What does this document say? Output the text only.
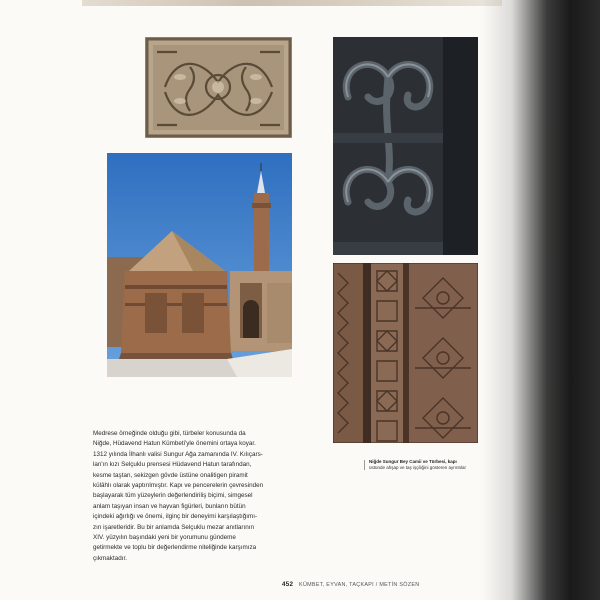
Niğde Sungur Bey Camii ve Türbesi, kapı
üstünde ahşap ve taş işçiliğini gösteren ayrıntılar
Medrese örneğinde olduğu gibi, türbeler konusunda da
Niğde, Hüdavend Hatun Kümbeti'yle önemini ortaya koyar.
1312 yılında İlhanlı valisi Sungur Ağa zamanında IV. Kılıçars-
lan'ın kızı Selçuklu prensesi Hüdavend Hatun tarafından,
kesme taştan, sekizgen gövde üstüne onalitigen piramit
külâhlı olarak yaptırılmıştır. Kapı ve pencerelerin çevresinden
başlayarak tüm yüzeylerin değerlendiriliş biçimi, simgesel
anlam taşıyan insan ve hayvan figürleri, bunların bütün
içindeki ağırlığı ve önemi, ilginç bir deneyimi karşılaştığımı-
zın işaretleridir. Bu bir anlamda Selçuklu mezar anıtlarının
XIV. yüzyılın başındaki yeni bir yorumunu gündeme
getirmekte ve toplu bir değerlendirme niteliğinde karşımıza
çıkmaktadır.
452 KÜMBET, EYVAN, TAÇKAPI / METİN SÖZEN
